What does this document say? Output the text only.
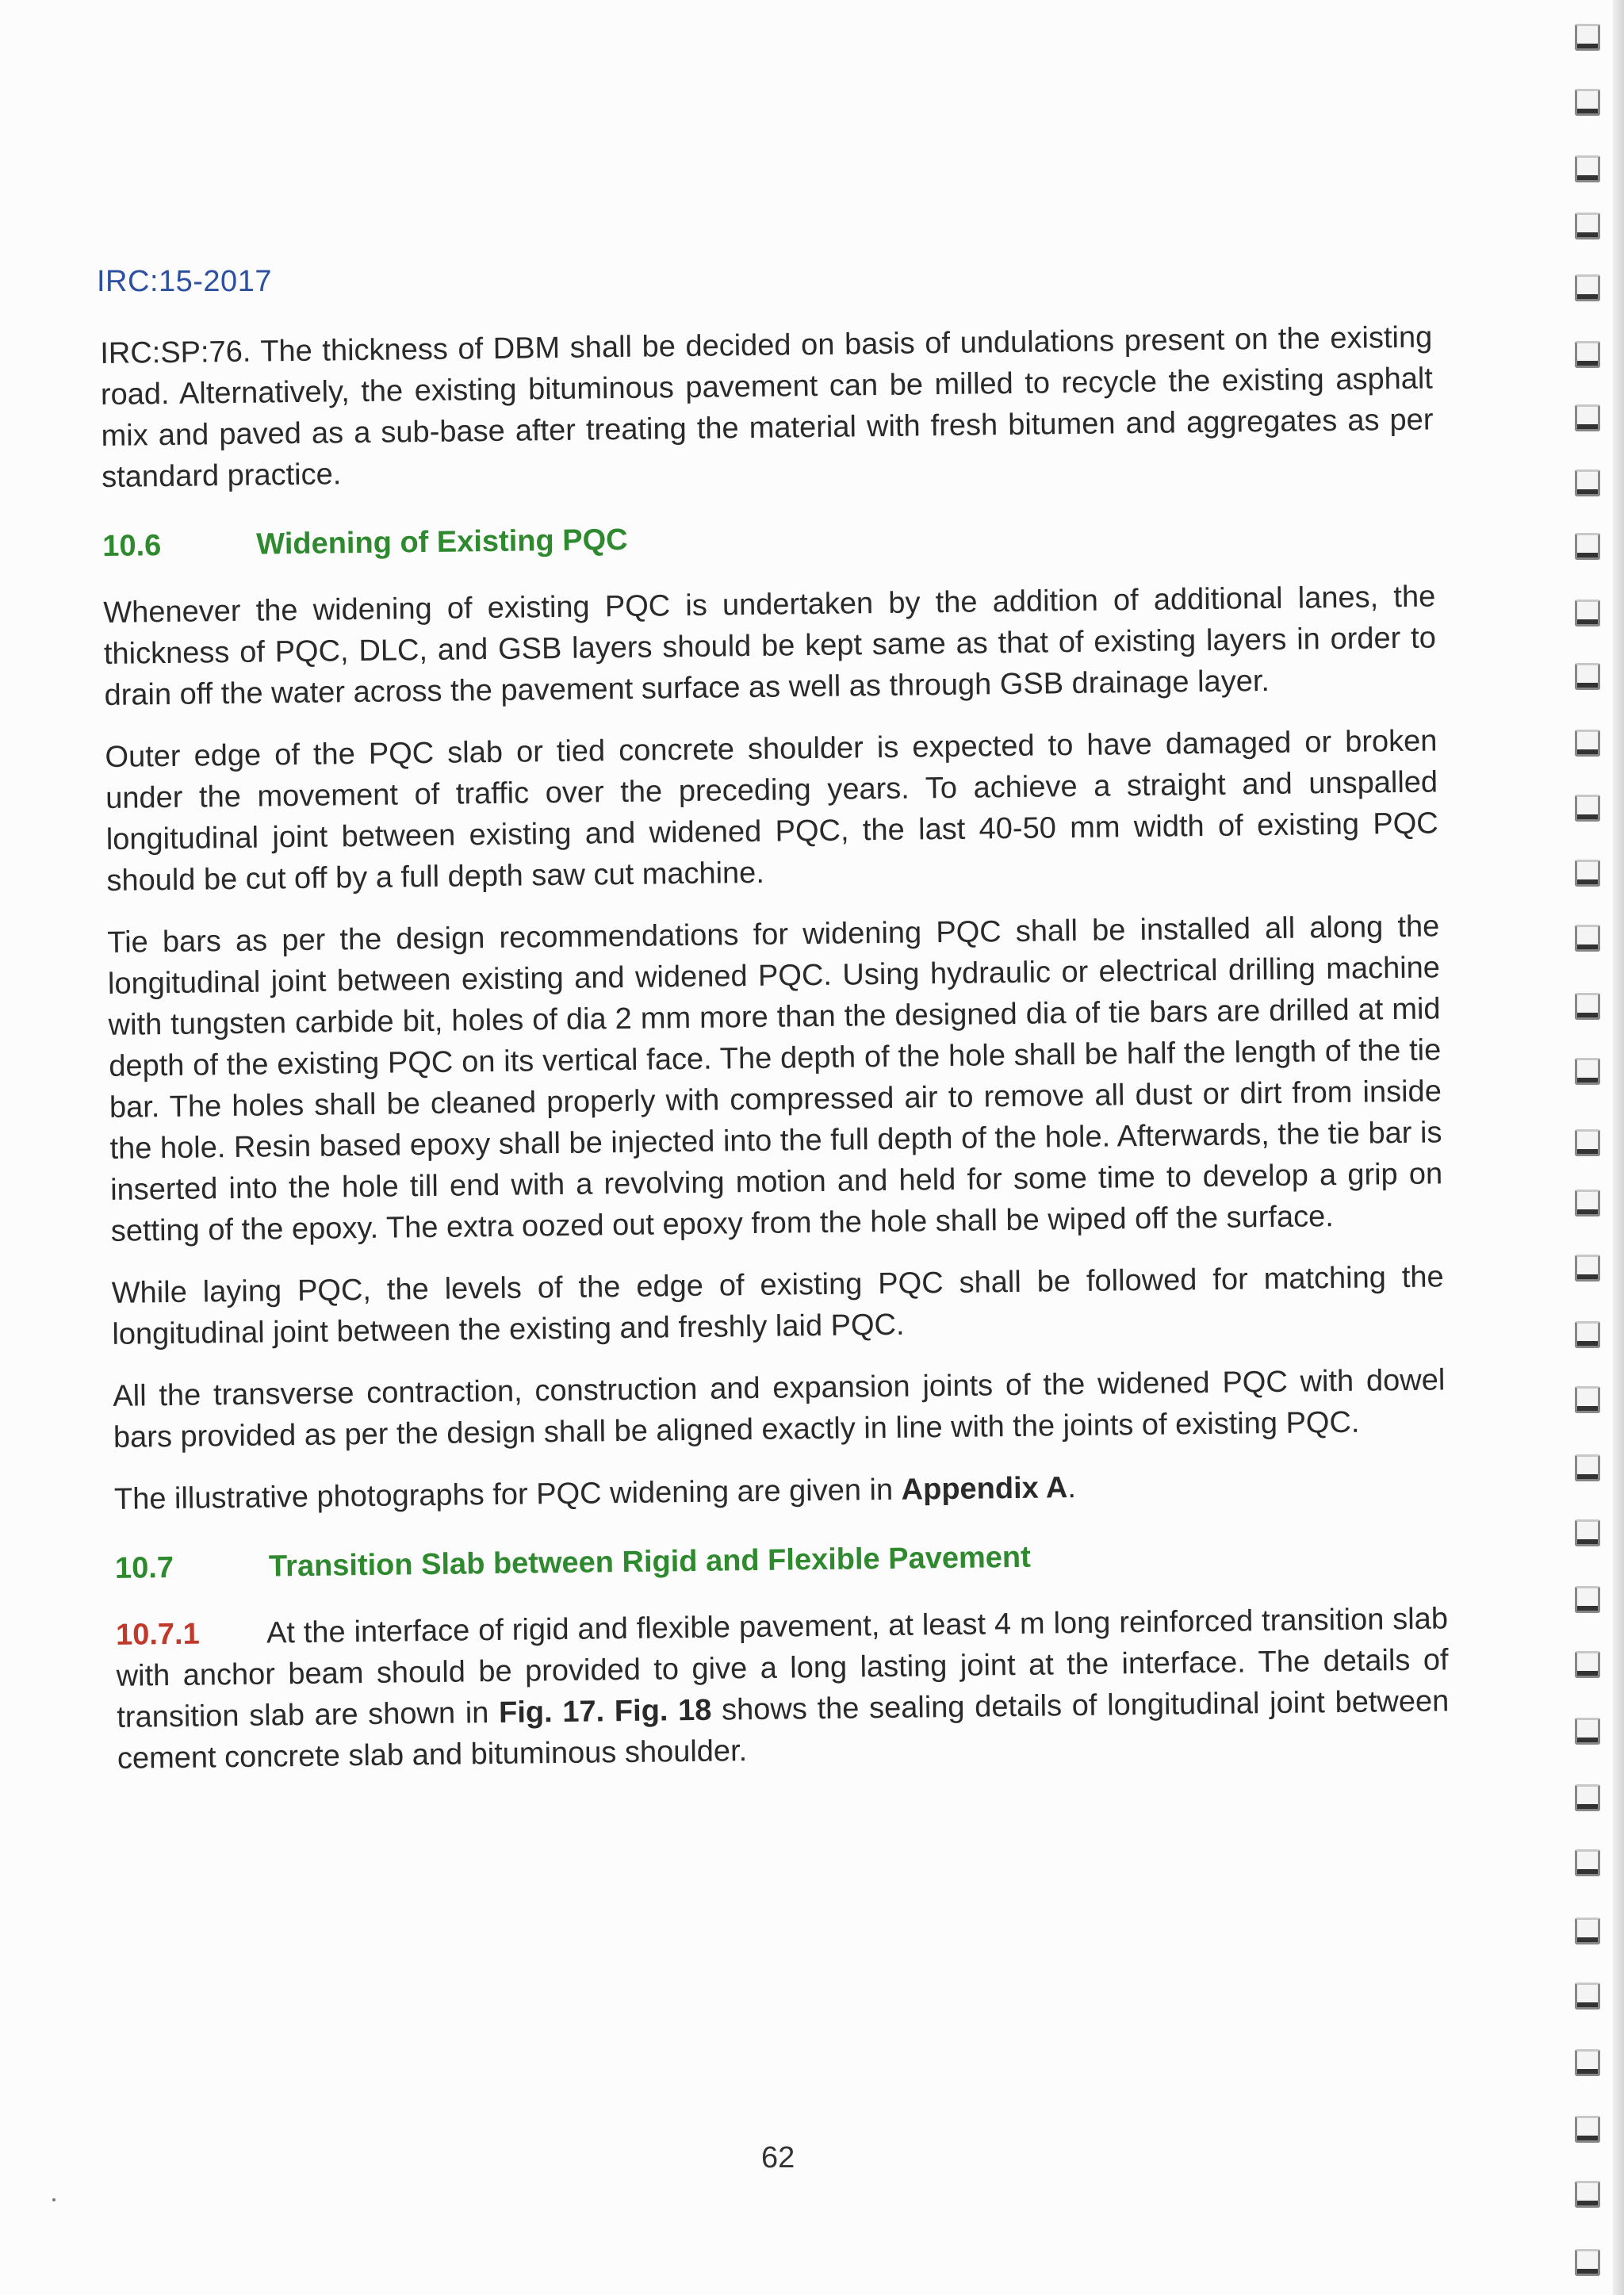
IRC:15-2017

IRC:SP:76. The thickness of DBM shall be decided on basis of undulations present on the existing road. Alternatively, the existing bituminous pavement can be milled to recycle the existing asphalt mix and paved as a sub-base after treating the material with fresh bitumen and aggregates as per standard practice.

10.6	Widening of Existing PQC

Whenever the widening of existing PQC is undertaken by the addition of additional lanes, the thickness of PQC, DLC, and GSB layers should be kept same as that of existing layers in order to drain off the water across the pavement surface as well as through GSB drainage layer.

Outer edge of the PQC slab or tied concrete shoulder is expected to have damaged or broken under the movement of traffic over the preceding years. To achieve a straight and unspalled longitudinal joint between existing and widened PQC, the last 40-50 mm width of existing PQC should be cut off by a full depth saw cut machine.

Tie bars as per the design recommendations for widening PQC shall be installed all along the longitudinal joint between existing and widened PQC. Using hydraulic or electrical drilling machine with tungsten carbide bit, holes of dia 2 mm more than the designed dia of tie bars are drilled at mid depth of the existing PQC on its vertical face. The depth of the hole shall be half the length of the tie bar. The holes shall be cleaned properly with compressed air to remove all dust or dirt from inside the hole. Resin based epoxy shall be injected into the full depth of the hole. Afterwards, the tie bar is inserted into the hole till end with a revolving motion and held for some time to develop a grip on setting of the epoxy. The extra oozed out epoxy from the hole shall be wiped off the surface.

While laying PQC, the levels of the edge of existing PQC shall be followed for matching the longitudinal joint between the existing and freshly laid PQC.

All the transverse contraction, construction and expansion joints of the widened PQC with dowel bars provided as per the design shall be aligned exactly in line with the joints of existing PQC.

The illustrative photographs for PQC widening are given in Appendix A.

10.7	Transition Slab between Rigid and Flexible Pavement

10.7.1 At the interface of rigid and flexible pavement, at least 4 m long reinforced transition slab with anchor beam should be provided to give a long lasting joint at the interface. The details of transition slab are shown in Fig. 17. Fig. 18 shows the sealing details of longitudinal joint between cement concrete slab and bituminous shoulder.

62
